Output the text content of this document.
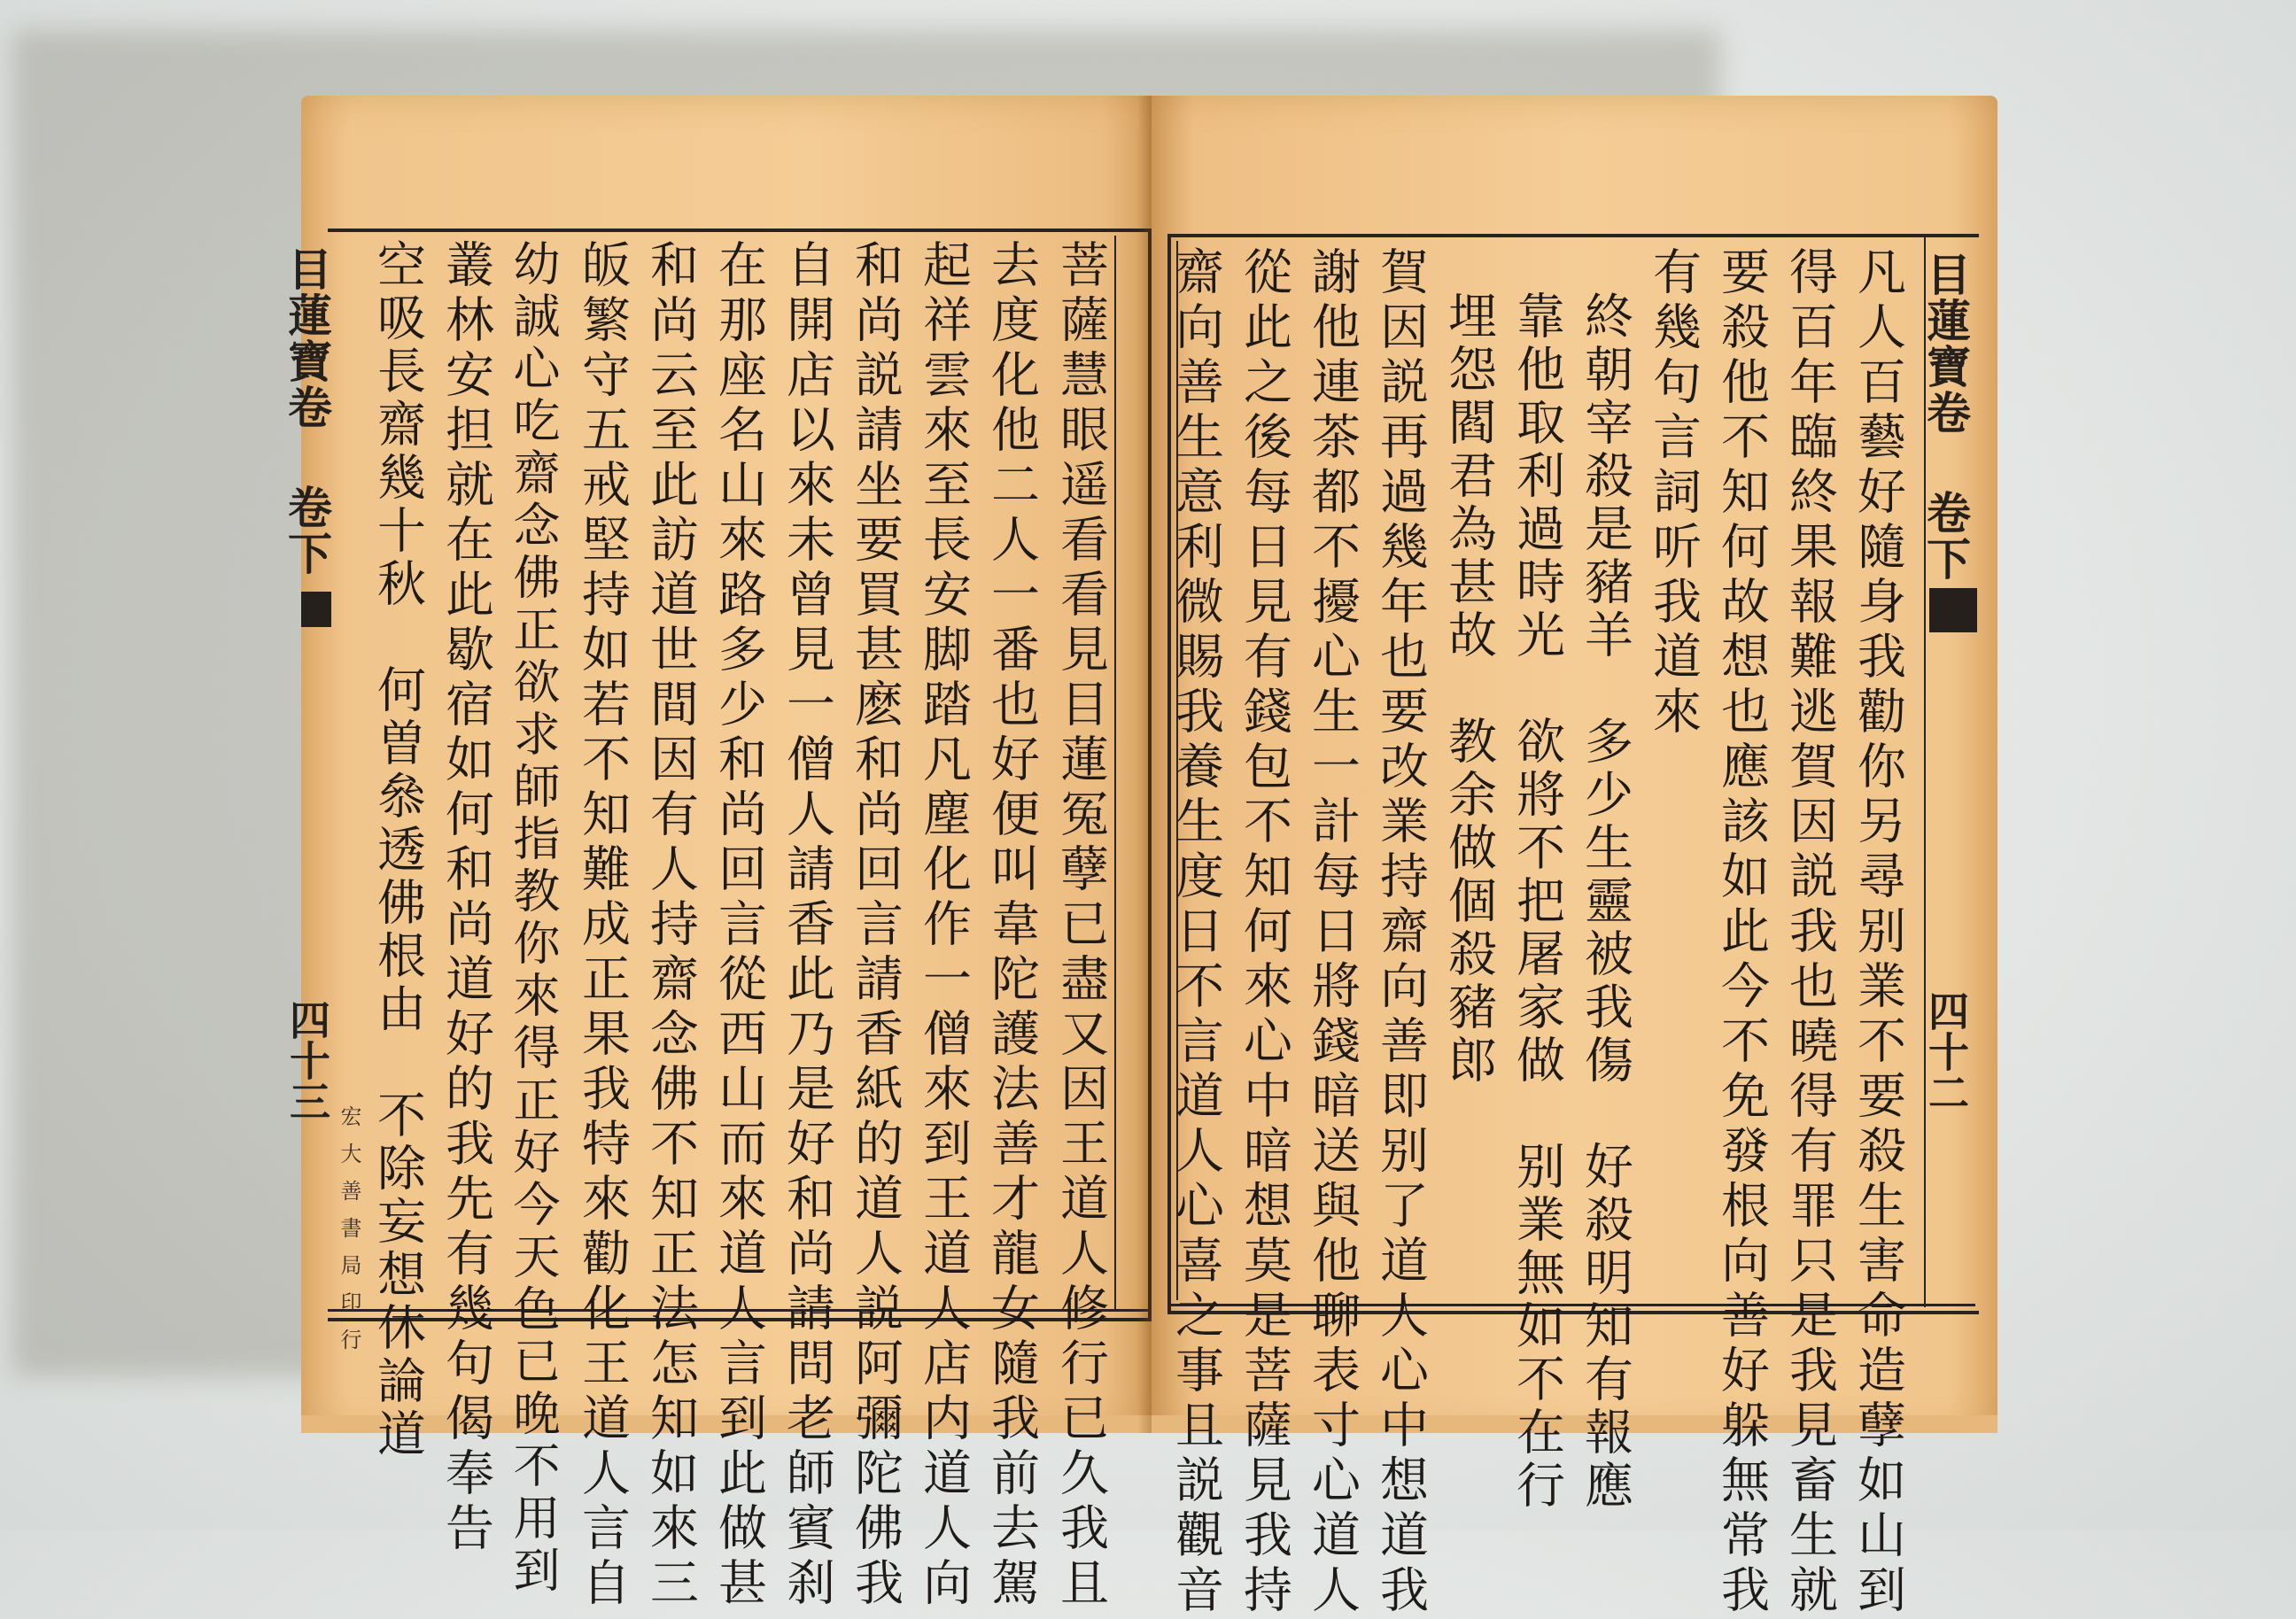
菩薩慧眼遥看看見目蓮冤孽已盡又因王道人修行已久我且
去度化他二人一番也好便叫韋陀護法善才龍女隨我前去駕
起祥雲來至長安脚踏凡塵化作一僧來到王道人店内道人向
和尚説請坐要買甚麽和尚回言請香紙的道人説阿彌陀佛我
自開店以來未曾見一僧人請香此乃是好和尚請問老師賓刹
在那座名山來路多少和尚回言從西山而來道人言到此做甚
和尚云至此訪道世間因有人持齋念佛不知正法怎知如來三
皈繁守五戒堅持如若不知難成正果我特來勸化王道人言自
幼誠心吃齋念佛正欲求師指教你來得正好今天色已晚不用到
叢林安担就在此歇宿如何和尚道好的我先有幾句偈奉告
空吸長齋幾十秋　何曽叅透佛根由　不除妄想休論道
目蓮寶卷 卷下
四十三
宏大善書局印行	凡人百藝好隨身我勸你另尋别業不要殺生害命造孽如山到
得百年臨終果報難逃賀因説我也曉得有罪只是我見畜生就
要殺他不知何故想也應該如此今不免發根向善好躲無常我
有幾句言詞听我道來
終朝宰殺是豬羊　多少生靈被我傷　好殺明知有報應
靠他取利過時光　欲將不把屠家做　别業無如不在行
埋怨閻君為甚故　教余做個殺豬郎
賀因説再過幾年也要改業持齋向善即别了道人心中想道我
謝他連茶都不擾心生一計每日將錢暗送與他聊表寸心道人
從此之後每日見有錢包不知何來心中暗想莫是菩薩見我持
齋向善生意利微賜我養生度日不言道人心喜之事且説觀音	目蓮寶卷 卷下
四十二
